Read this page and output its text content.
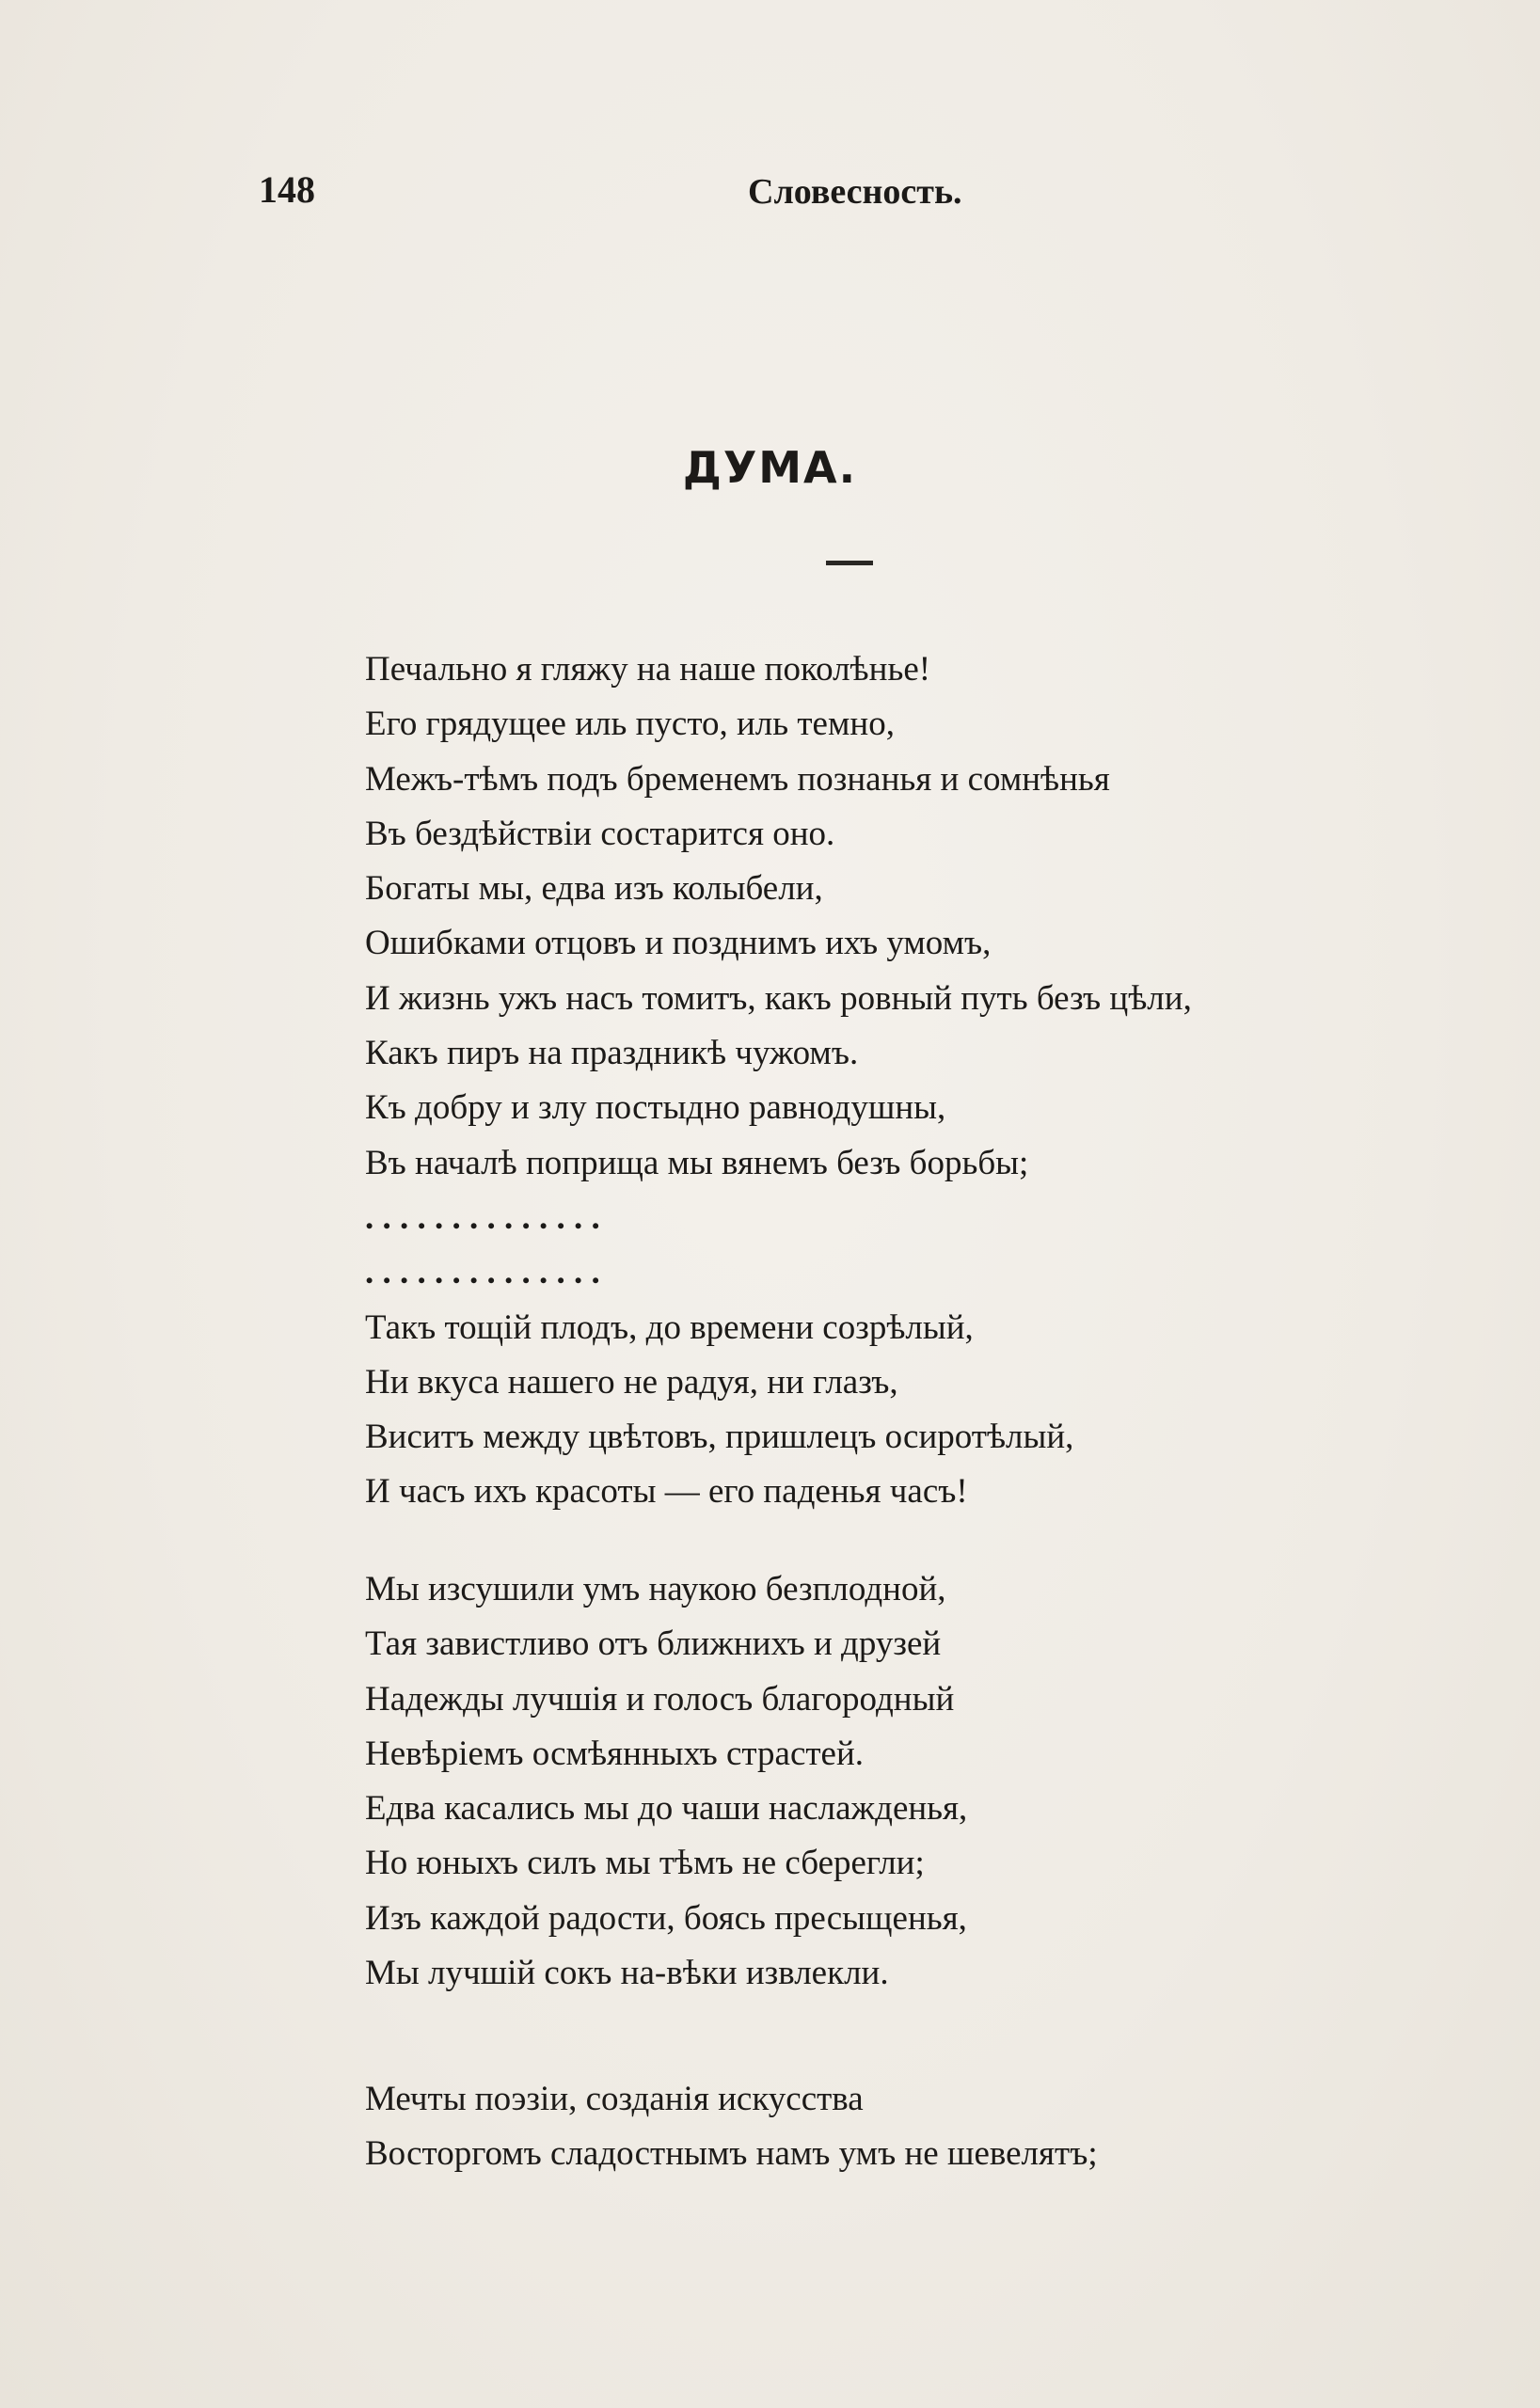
148	Словесность.
ДУМА.
Печально я гляжу на наше поколѣнье!
Его грядущее иль пусто, иль темно,
Межъ-тѣмъ подъ бременемъ познанья и сомнѣнья
Въ бездѣйствіи состарится оно.
Богаты мы, едва изъ колыбели,
Ошибками отцовъ и позднимъ ихъ умомъ,
И жизнь ужъ насъ томитъ, какъ ровный путь безъ цѣли,
Какъ пиръ на праздникѣ чужомъ.
Къ добру и злу постыдно равнодушны,
Въ началѣ поприща мы вянемъ безъ борьбы;
. . . . . . . . . . . . . .
. . . . . . . . . . . . . .
Такъ тощій плодъ, до времени созрѣлый,
Ни вкуса нашего не радуя, ни глазъ,
Виситъ между цвѣтовъ, пришлецъ осиротѣлый,
И часъ ихъ красоты — его паденья часъ!
Мы изсушили умъ наукою безплодной,
Тая завистливо отъ ближнихъ и друзей
Надежды лучшія и голосъ благородный
Невѣріемъ осмѣянныхъ страстей.
Едва касались мы до чаши наслажденья,
Но юныхъ силъ мы тѣмъ не сберегли;
Изъ каждой радости, боясь пресыщенья,
Мы лучшій сокъ на-вѣки извлекли.
Мечты поэзіи, созданія искусства
Восторгомъ сладостнымъ намъ умъ не шевелятъ;
